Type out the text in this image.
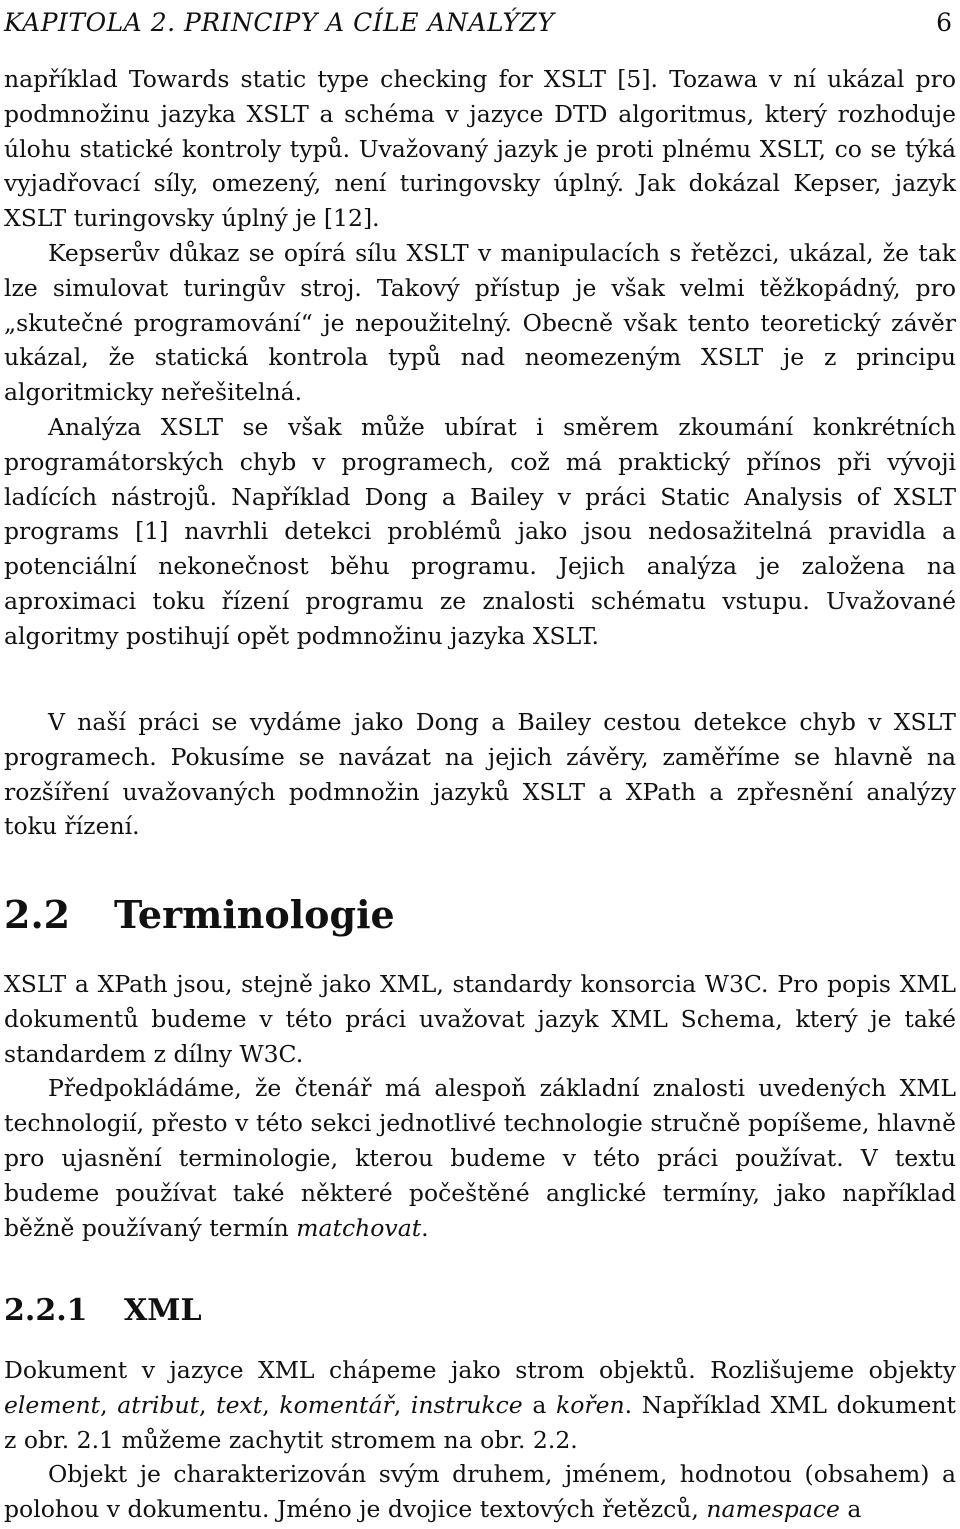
KAPITOLA 2. PRINCIPY A CÍLE ANALÝZY	6

například Towards static type checking for XSLT [5]. Tozawa v ní ukázal pro podmnožinu jazyka XSLT a schéma v jazyce DTD algoritmus, který rozhoduje úlohu statické kontroly typů. Uvažovaný jazyk je proti plnému XSLT, co se týká vyjadřovací síly, omezený, není turingovsky úplný. Jak dokázal Kepser, jazyk XSLT turingovsky úplný je [12].

Kepserův důkaz se opírá sílu XSLT v manipulacích s řetězci, ukázal, že tak lze simulovat turingův stroj. Takový přístup je však velmi těžkopádný, pro „skutečné programování“ je nepoužitelný. Obecně však tento teoretický závěr ukázal, že statická kontrola typů nad neomezeným XSLT je z principu algoritmicky neřešitelná.

Analýza XSLT se však může ubírat i směrem zkoumání konkrétních programátorských chyb v programech, což má praktický přínos při vývoji ladících nástrojů. Například Dong a Bailey v práci Static Analysis of XSLT programs [1] navrhli detekci problémů jako jsou nedosažitelná pravidla a potenciální nekonečnost běhu programu. Jejich analýza je založena na aproximaci toku řízení programu ze znalosti schématu vstupu. Uvažované algoritmy postihují opět podmnožinu jazyka XSLT.

V naší práci se vydáme jako Dong a Bailey cestou detekce chyb v XSLT programech. Pokusíme se navázat na jejich závěry, zaměříme se hlavně na rozšíření uvažovaných podmnožin jazyků XSLT a XPath a zpřesnění analýzy toku řízení.

2.2	Terminologie

XSLT a XPath jsou, stejně jako XML, standardy konsorcia W3C. Pro popis XML dokumentů budeme v této práci uvažovat jazyk XML Schema, který je také standardem z dílny W3C.

Předpokládáme, že čtenář má alespoň základní znalosti uvedených XML technologií, přesto v této sekci jednotlivé technologie stručně popíšeme, hlavně pro ujasnění terminologie, kterou budeme v této práci používat. V textu budeme používat také některé počeštěné anglické termíny, jako například běžně používaný termín matchovat.

2.2.1	XML

Dokument v jazyce XML chápeme jako strom objektů. Rozlišujeme objekty element, atribut, text, komentář, instrukce a kořen. Například XML dokument z obr. 2.1 můžeme zachytit stromem na obr. 2.2.

Objekt je charakterizován svým druhem, jménem, hodnotou (obsahem) a polohou v dokumentu. Jméno je dvojice textových řetězců, namespace a
